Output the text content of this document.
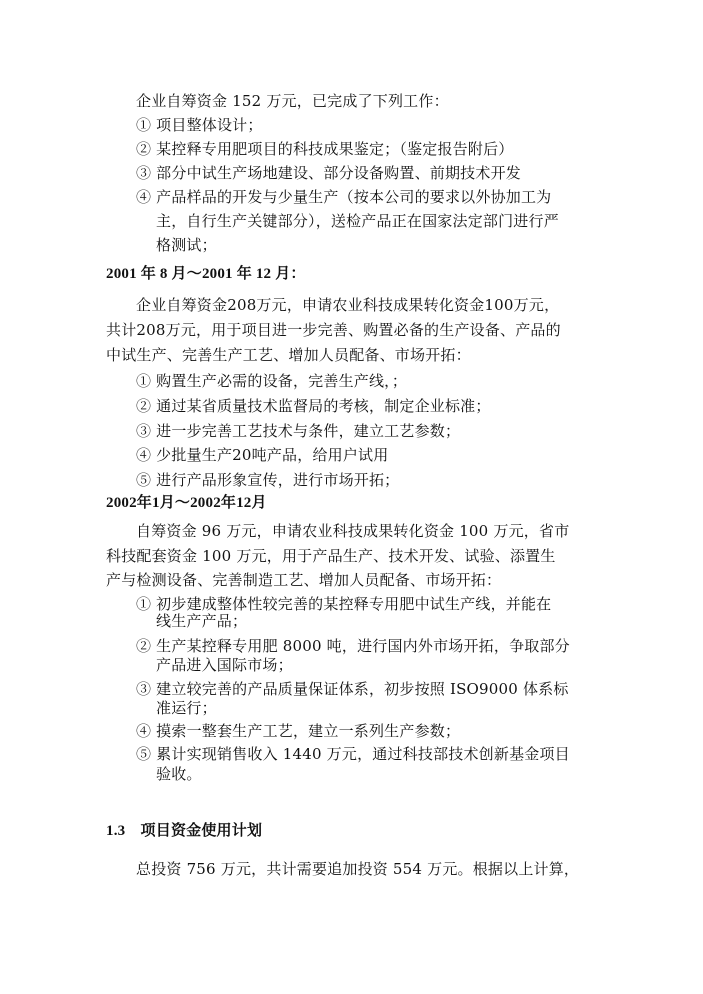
企业自筹资金 152 万元，已完成了下列工作：
① 项目整体设计；
② 某控释专用肥项目的科技成果鉴定；（鉴定报告附后）
③ 部分中试生产场地建设、部分设备购置、前期技术开发
④ 产品样品的开发与少量生产（按本公司的要求以外协加工为
主，自行生产关键部分），送检产品正在国家法定部门进行严
格测试；
2001 年 8 月～2001 年 12 月：
企业自筹资金208万元，申请农业科技成果转化资金100万元，
共计208万元，用于项目进一步完善、购置必备的生产设备、产品的
中试生产、完善生产工艺、增加人员配备、市场开拓：
① 购置生产必需的设备，完善生产线，；
② 通过某省质量技术监督局的考核，制定企业标准；
③ 进一步完善工艺技术与条件，建立工艺参数；
④ 少批量生产20吨产品，给用户试用
⑤ 进行产品形象宣传，进行市场开拓；
2002年1月～2002年12月
自筹资金 96 万元，申请农业科技成果转化资金 100 万元，省市
科技配套资金 100 万元，用于产品生产、技术开发、试验、添置生
产与检测设备、完善制造工艺、增加人员配备、市场开拓：
① 初步建成整体性较完善的某控释专用肥中试生产线，并能在
线生产产品；
② 生产某控释专用肥 8000 吨，进行国内外市场开拓，争取部分
产品进入国际市场；
③ 建立较完善的产品质量保证体系，初步按照 ISO9000 体系标
准运行；
④ 摸索一整套生产工艺，建立一系列生产参数；
⑤ 累计实现销售收入 1440 万元，通过科技部技术创新基金项目
验收。
1.3　项目资金使用计划
总投资 756 万元，共计需要追加投资 554 万元。根据以上计算，
